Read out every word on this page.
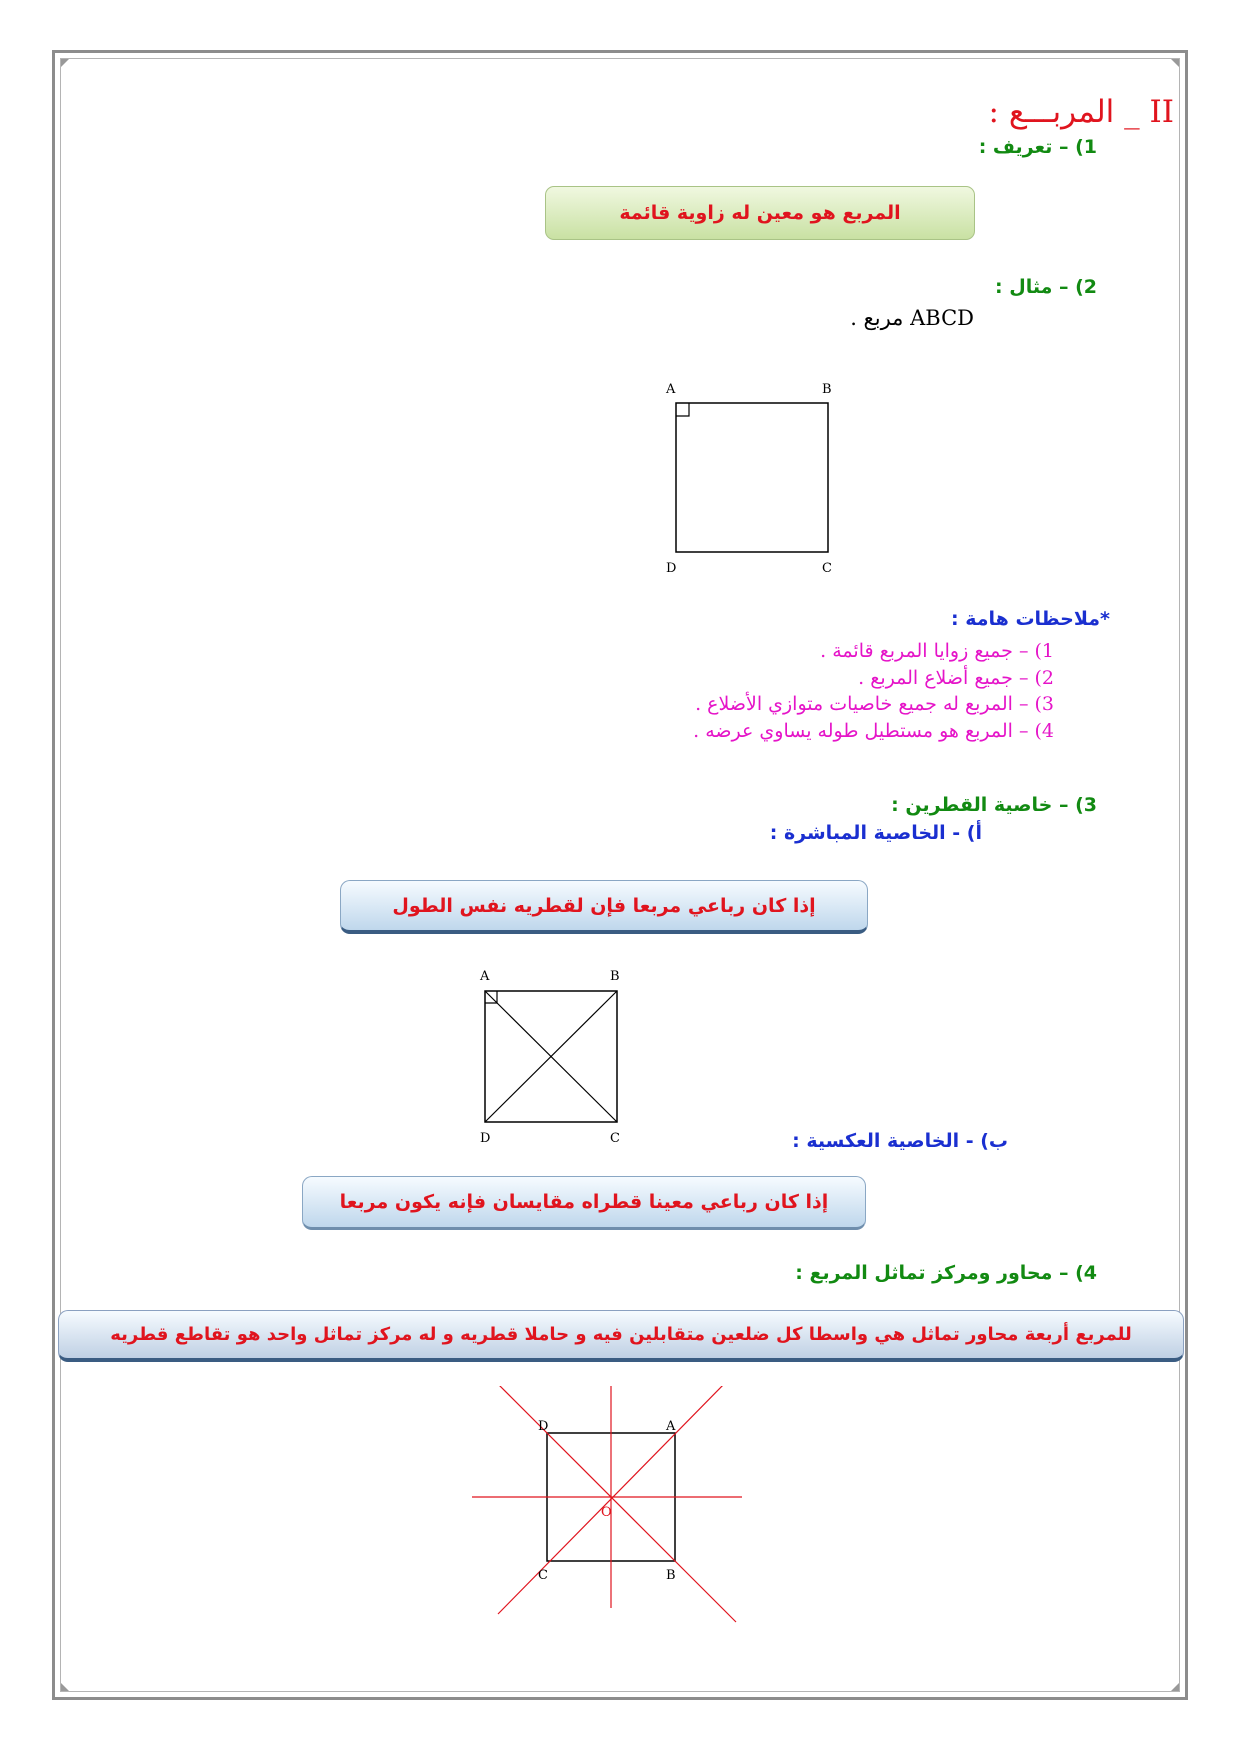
II _ المربـــع :
1) – تعريف :
المربع هو معين له زاوية قائمة
2) – مثال :
ABCD مربع .
A	B
D	C
*ملاحظات هامة :
1) – جميع زوايا المربع قائمة .
2) – جميع أضلاع المربع .
3) – المربع له جميع خاصيات متوازي الأضلاع .
4) – المربع هو مستطيل طوله يساوي عرضه .
3) – خاصية القطرين :
أ) - الخاصية المباشرة :
إذا كان رباعي مربعا فإن لقطريه نفس الطول
A	B
D	C	ب) - الخاصية العكسية :
إذا كان رباعي معينا قطراه مقايسان فإنه يكون مربعا
4) – محاور ومركز تماثل المربع :
للمربع أربعة محاور تماثل هي واسطا كل ضلعين متقابلين فيه و حاملا قطريه و له مركز تماثل واحد هو تقاطع قطريه
D	A
C	B
O
